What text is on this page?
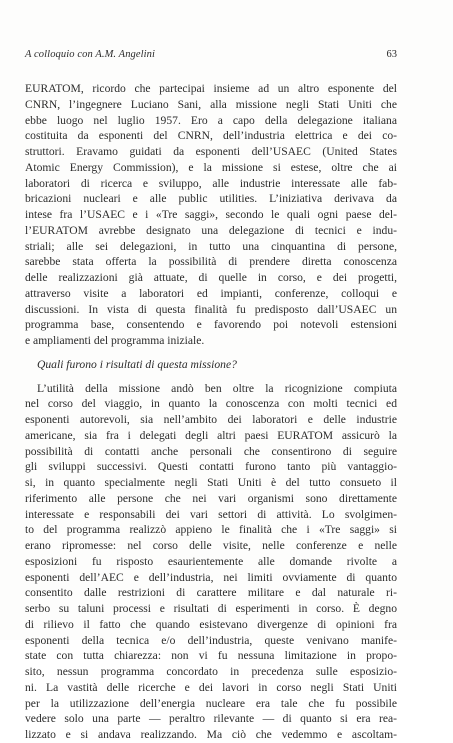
A colloquio con A.M. Angelini	63
EURATOM, ricordo che partecipai insieme ad un altro esponente del
CNRN, l’ingegnere Luciano Sani, alla missione negli Stati Uniti che
ebbe luogo nel luglio 1957. Ero a capo della delegazione italiana
costituita da esponenti del CNRN, dell’industria elettrica e dei co-
struttori. Eravamo guidati da esponenti dell’USAEC (United States
Atomic Energy Commission), e la missione si estese, oltre che ai
laboratori di ricerca e sviluppo, alle industrie interessate alle fab-
bricazioni nucleari e alle public utilities. L’iniziativa derivava da
intese fra l’USAEC e i «Tre saggi», secondo le quali ogni paese del-
l’EURATOM avrebbe designato una delegazione di tecnici e indu-
striali; alle sei delegazioni, in tutto una cinquantina di persone,
sarebbe stata offerta la possibilità di prendere diretta conoscenza
delle realizzazioni già attuate, di quelle in corso, e dei progetti,
attraverso visite a laboratori ed impianti, conferenze, colloqui e
discussioni. In vista di questa finalità fu predisposto dall’USAEC un
programma base, consentendo e favorendo poi notevoli estensioni
e ampliamenti del programma iniziale.
Quali furono i risultati di questa missione?
L’utilità della missione andò ben oltre la ricognizione compiuta
nel corso del viaggio, in quanto la conoscenza con molti tecnici ed
esponenti autorevoli, sia nell’ambito dei laboratori e delle industrie
americane, sia fra i delegati degli altri paesi EURATOM assicurò la
possibilità di contatti anche personali che consentirono di seguire
gli sviluppi successivi. Questi contatti furono tanto più vantaggio-
si, in quanto specialmente negli Stati Uniti è del tutto consueto il
riferimento alle persone che nei vari organismi sono direttamente
interessate e responsabili dei vari settori di attività. Lo svolgimen-
to del programma realizzò appieno le finalità che i «Tre saggi» si
erano ripromesse: nel corso delle visite, nelle conferenze e nelle
esposizioni fu risposto esaurientemente alle domande rivolte a
esponenti dell’AEC e dell’industria, nei limiti ovviamente di quanto
consentito dalle restrizioni di carattere militare e dal naturale ri-
serbo su taluni processi e risultati di esperimenti in corso. È degno
di rilievo il fatto che quando esistevano divergenze di opinioni fra
esponenti della tecnica e/o dell’industria, queste venivano manife-
state con tutta chiarezza: non vi fu nessuna limitazione in propo-
sito, nessun programma concordato in precedenza sulle esposizio-
ni. La vastità delle ricerche e dei lavori in corso negli Stati Uniti
per la utilizzazione dell’energia nucleare era tale che fu possibile
vedere solo una parte — peraltro rilevante — di quanto si era rea-
lizzato e si andava realizzando. Ma ciò che vedemmo e ascoltam-
